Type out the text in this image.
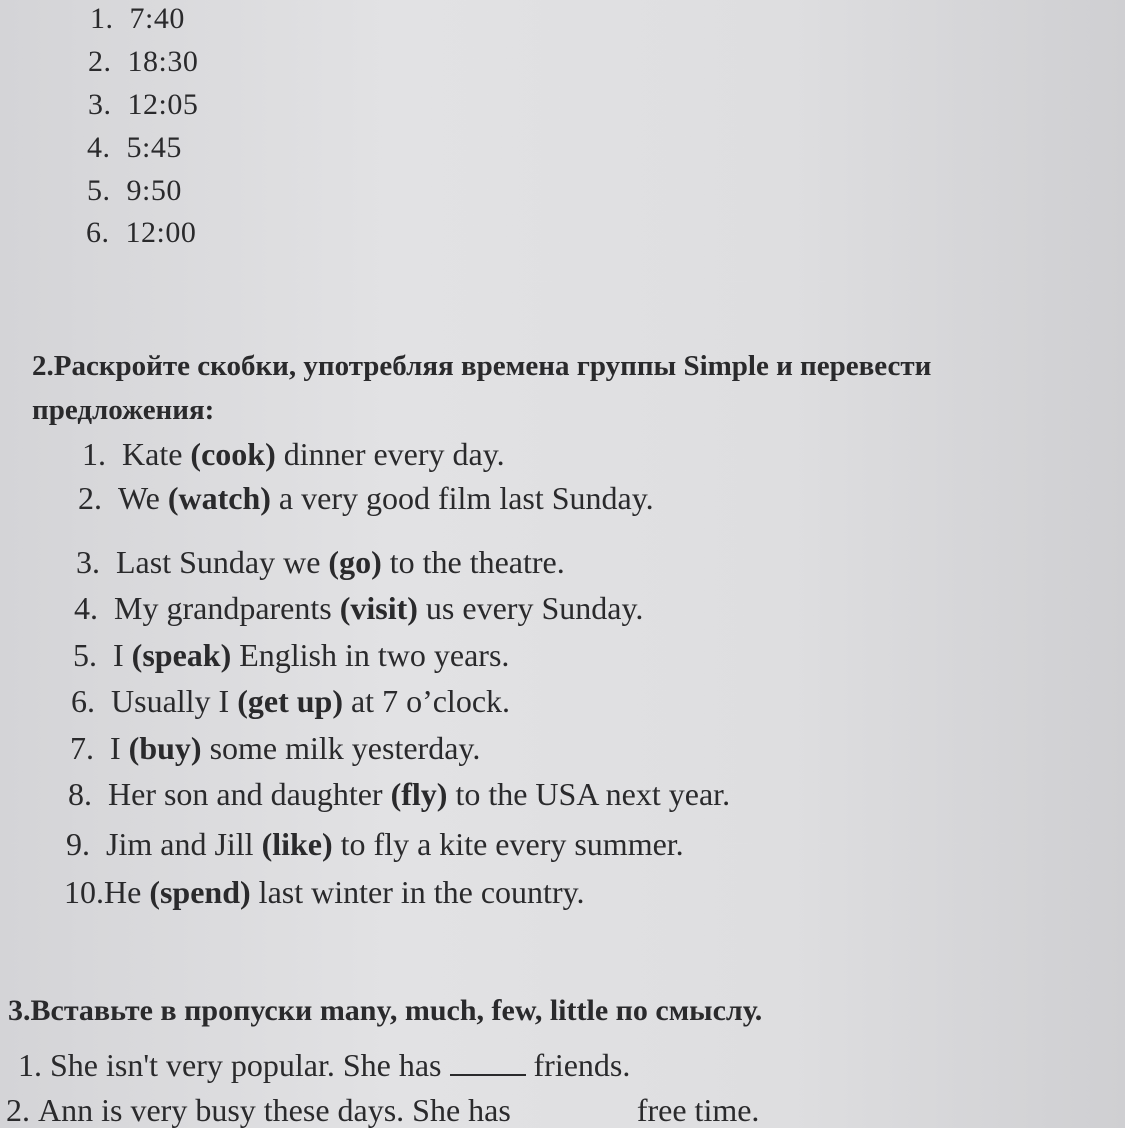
1. 7:40
2. 18:30
3. 12:05
4. 5:45
5. 9:50
6. 12:00
2.Раскройте скобки, употребляя времена группы Simple и перевести
предложения:
1. Kate (cook) dinner every day.
2. We (watch) a very good film last Sunday.
3. Last Sunday we (go) to the theatre.
4. My grandparents (visit) us every Sunday.
5. I (speak) English in two years.
6. Usually I (get up) at 7 o’clock.
7. I (buy) some milk yesterday.
8. Her son and daughter (fly) to the USA next year.
9. Jim and Jill (like) to fly a kite every summer.
10.He (spend) last winter in the country.
3.Вставьте в пропуски many, much, few, little по смыслу.
1. She isn't very popular. She has	friends.
2. Ann is very busy these days. She has	free time.
